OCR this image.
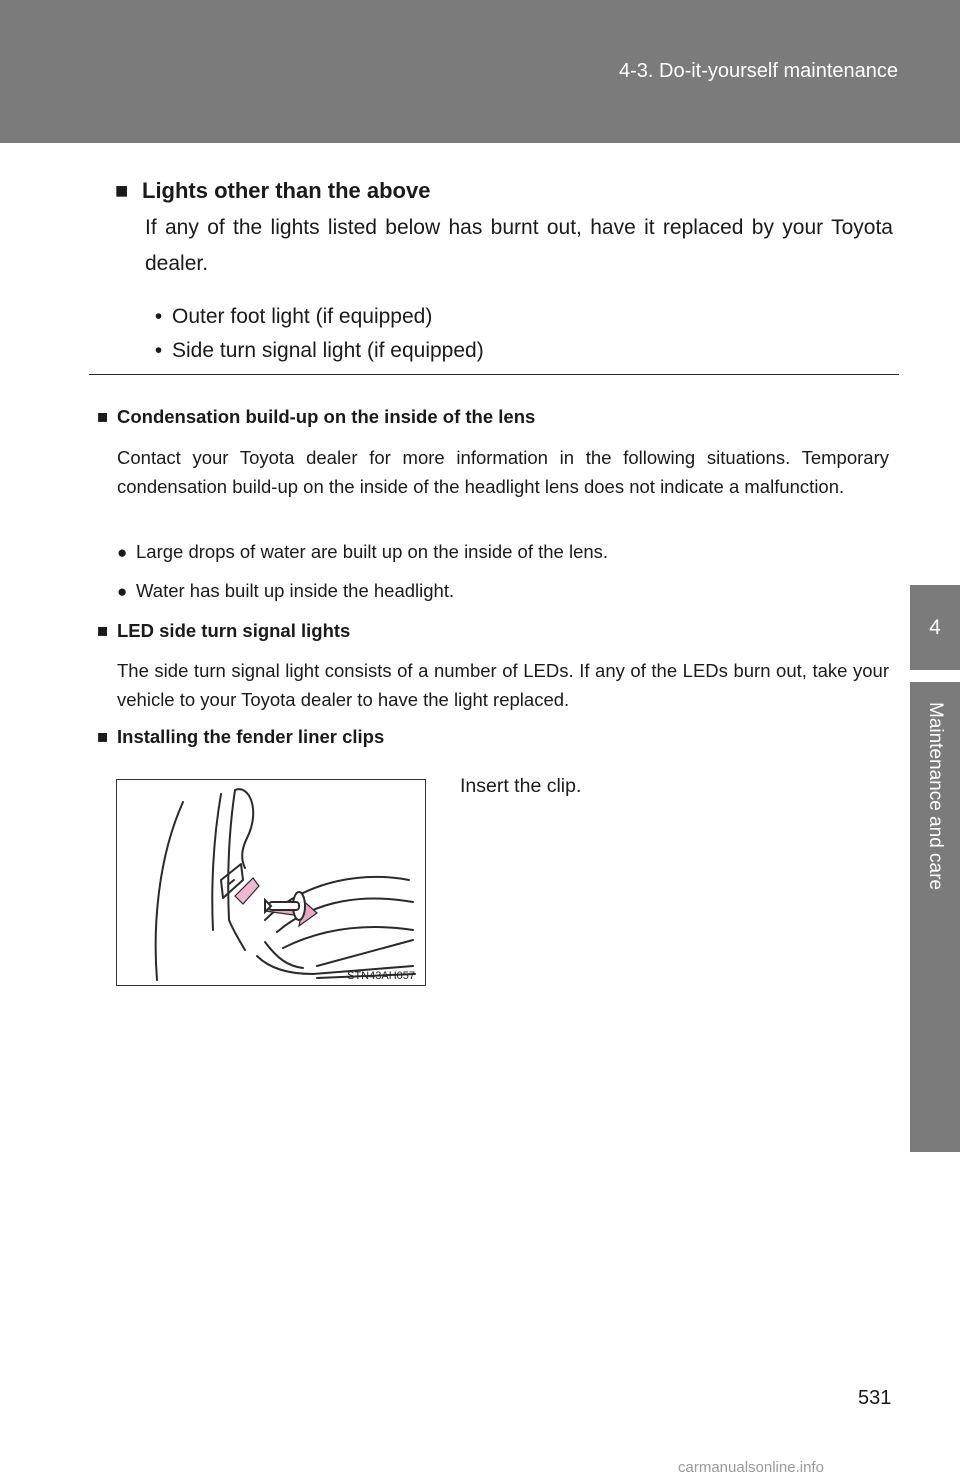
4-3. Do-it-yourself maintenance
4
Maintenance and care
■ Lights other than the above
If any of the lights listed below has burnt out, have it replaced by your Toyota dealer.
• Outer foot light (if equipped)
• Side turn signal light (if equipped)
■ Condensation build-up on the inside of the lens
Contact your Toyota dealer for more information in the following situations. Temporary condensation build-up on the inside of the headlight lens does not indicate a malfunction.
● Large drops of water are built up on the inside of the lens.
● Water has built up inside the headlight.
■ LED side turn signal lights
The side turn signal light consists of a number of LEDs. If any of the LEDs burn out, take your vehicle to your Toyota dealer to have the light replaced.
■ Installing the fender liner clips
STN43AH057
Insert the clip.
531
carmanualsonline.info
